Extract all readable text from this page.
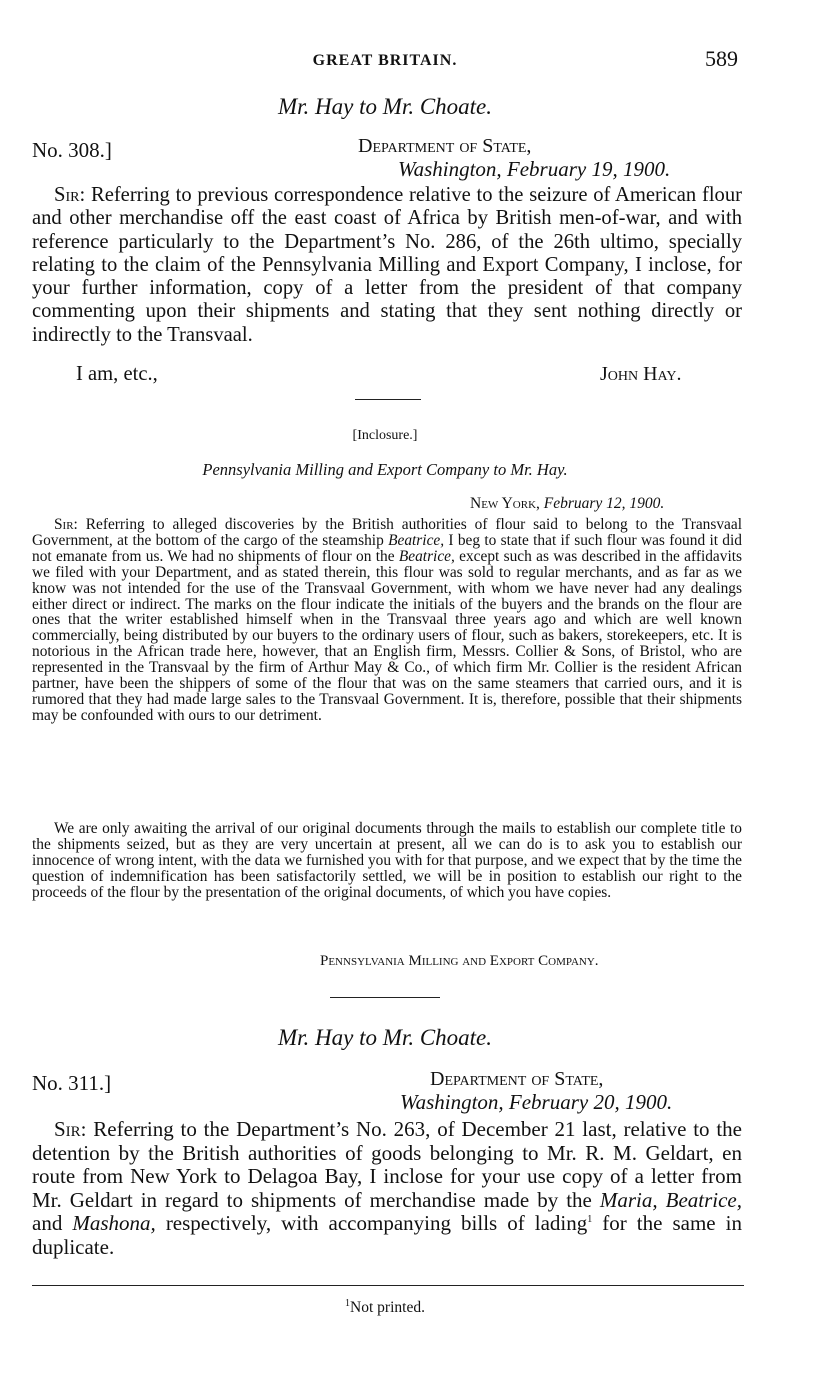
GREAT BRITAIN.	589
Mr. Hay to Mr. Choate.
No. 308.]	Department of State,
Washington, February 19, 1900.

Sir: Referring to previous correspondence relative to the seizure of American flour and other merchandise off the east coast of Africa by British men-of-war, and with reference particularly to the Department’s No. 286, of the 26th ultimo, specially relating to the claim of the Pennsylvania Milling and Export Company, I inclose, for your further information, copy of a letter from the president of that company commenting upon their shipments and stating that they sent nothing directly or indirectly to the Transvaal.

I am, etc.,	John Hay.
[Inclosure.]
Pennsylvania Milling and Export Company to Mr. Hay.
New York, February 12, 1900.

Sir: Referring to alleged discoveries by the British authorities of flour said to belong to the Transvaal Government, at the bottom of the cargo of the steamship Beatrice, I beg to state that if such flour was found it did not emanate from us. We had no shipments of flour on the Beatrice, except such as was described in the affidavits we filed with your Department, and as stated therein, this flour was sold to regular merchants, and as far as we know was not intended for the use of the Transvaal Government, with whom we have never had any dealings either direct or indirect. The marks on the flour indicate the initials of the buyers and the brands on the flour are ones that the writer established himself when in the Transvaal three years ago and which are well known commercially, being distributed by our buyers to the ordinary users of flour, such as bakers, storekeepers, etc. It is notorious in the African trade here, however, that an English firm, Messrs. Collier & Sons, of Bristol, who are represented in the Transvaal by the firm of Arthur May & Co., of which firm Mr. Collier is the resident African partner, have been the shippers of some of the flour that was on the same steamers that carried ours, and it is rumored that they had made large sales to the Transvaal Government. It is, therefore, possible that their shipments may be confounded with ours to our detriment.

We are only awaiting the arrival of our original documents through the mails to establish our complete title to the shipments seized, but as they are very uncertain at present, all we can do is to ask you to establish our innocence of wrong intent, with the data we furnished you with for that purpose, and we expect that by the time the question of indemnification has been satisfactorily settled, we will be in position to establish our right to the proceeds of the flour by the presentation of the original documents, of which you have copies.

Pennsylvania Milling and Export Company.
Mr. Hay to Mr. Choate.
No. 311.]	Department of State,
Washington, February 20, 1900.

Sir: Referring to the Department’s No. 263, of December 21 last, relative to the detention by the British authorities of goods belonging to Mr. R. M. Geldart, en route from New York to Delagoa Bay, I inclose for your use copy of a letter from Mr. Geldart in regard to shipments of merchandise made by the Maria, Beatrice, and Mashona, respectively, with accompanying bills of lading$^1$ for the same in duplicate.

$^1$Not printed.
